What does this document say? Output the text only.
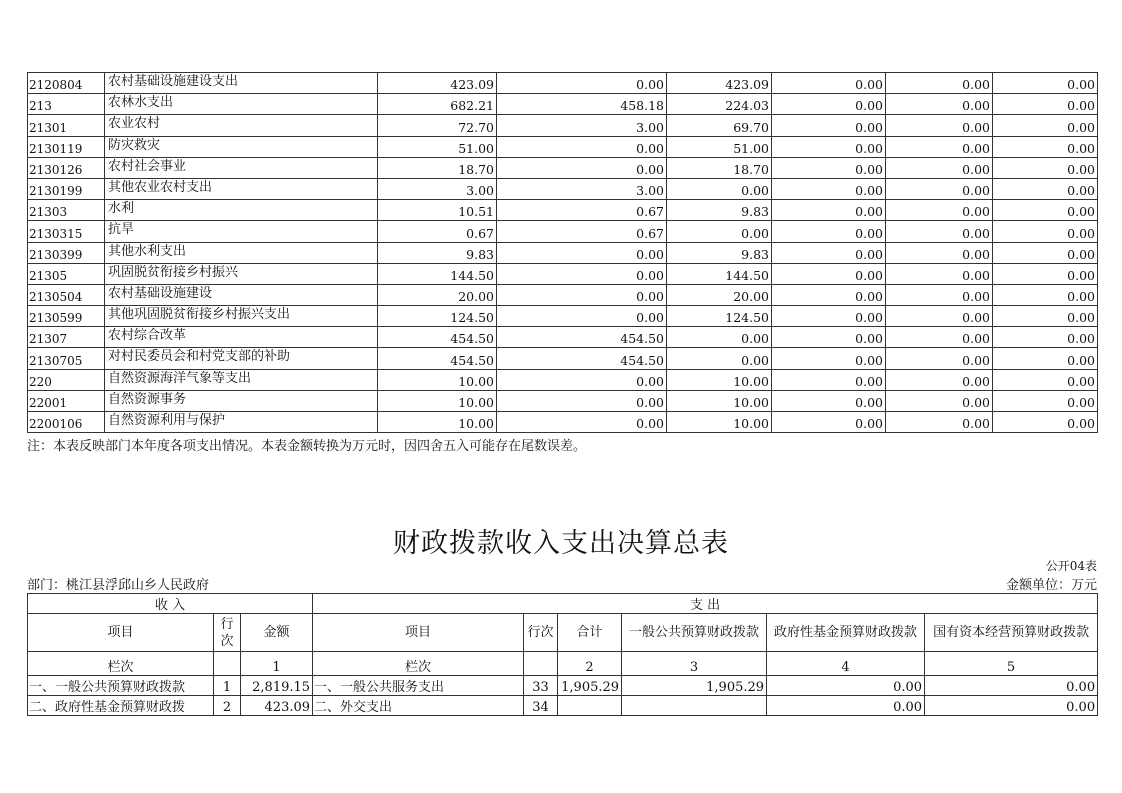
2120804	农村基础设施建设支出	423.09	0.00	423.09	0.00	0.00	0.00
213	农林水支出	682.21	458.18	224.03	0.00	0.00	0.00
21301	农业农村	72.70	3.00	69.70	0.00	0.00	0.00
2130119	防灾救灾	51.00	0.00	51.00	0.00	0.00	0.00
2130126	农村社会事业	18.70	0.00	18.70	0.00	0.00	0.00
2130199	其他农业农村支出	3.00	3.00	0.00	0.00	0.00	0.00
21303	水利	10.51	0.67	9.83	0.00	0.00	0.00
2130315	抗旱	0.67	0.67	0.00	0.00	0.00	0.00
2130399	其他水利支出	9.83	0.00	9.83	0.00	0.00	0.00
21305	巩固脱贫衔接乡村振兴	144.50	0.00	144.50	0.00	0.00	0.00
2130504	农村基础设施建设	20.00	0.00	20.00	0.00	0.00	0.00
2130599	其他巩固脱贫衔接乡村振兴支出	124.50	0.00	124.50	0.00	0.00	0.00
21307	农村综合改革	454.50	454.50	0.00	0.00	0.00	0.00
2130705	对村民委员会和村党支部的补助	454.50	454.50	0.00	0.00	0.00	0.00
220	自然资源海洋气象等支出	10.00	0.00	10.00	0.00	0.00	0.00
22001	自然资源事务	10.00	0.00	10.00	0.00	0.00	0.00
2200106	自然资源利用与保护	10.00	0.00	10.00	0.00	0.00	0.00
注：本表反映部门本年度各项支出情况。本表金额转换为万元时，因四舍五入可能存在尾数误差。
财政拨款收入支出决算总表
公开04表
部门：桃江县浮邱山乡人民政府	金额单位：万元
收 入			支 出					
项目	行次	金额	项目	行次	合计	一般公共预算财政拨款	政府性基金预算财政拨款	国有资本经营预算财政拨款
栏次		1	栏次		2	3	4	5
一、一般公共预算财政拨款	1	2,819.15	一、一般公共服务支出	33	1,905.29	1,905.29	0.00	0.00
二、政府性基金预算财政拨	2	423.09	二、外交支出	34			0.00	0.00
